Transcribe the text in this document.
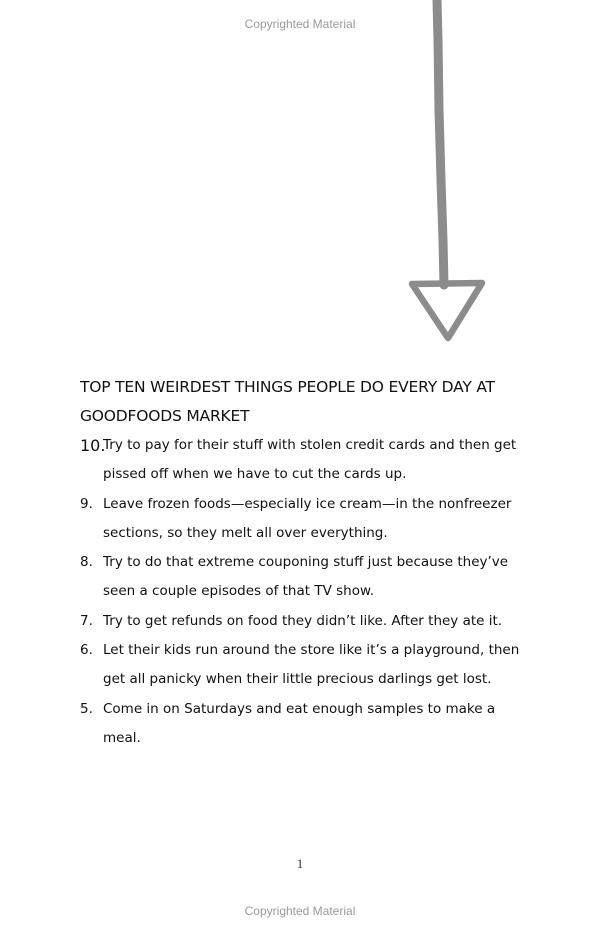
Copyrighted Material
TOP TEN WEIRDEST THINGS PEOPLE DO EVERY DAY AT
GOODFOODS MARKET
10.
Try to pay for their stuff with stolen credit cards and then get pissed off when we have to cut the cards up.
9. Leave frozen foods—especially ice cream—in the nonfreezer sections, so they melt all over everything.
8. Try to do that extreme couponing stuff just because they’ve seen a couple episodes of that TV show.
7. Try to get refunds on food they didn’t like. After they ate it.
6. Let their kids run around the store like it’s a playground, then get all panicky when their little precious darlings get lost.
5. Come in on Saturdays and eat enough samples to make a meal.
1
Copyrighted Material
